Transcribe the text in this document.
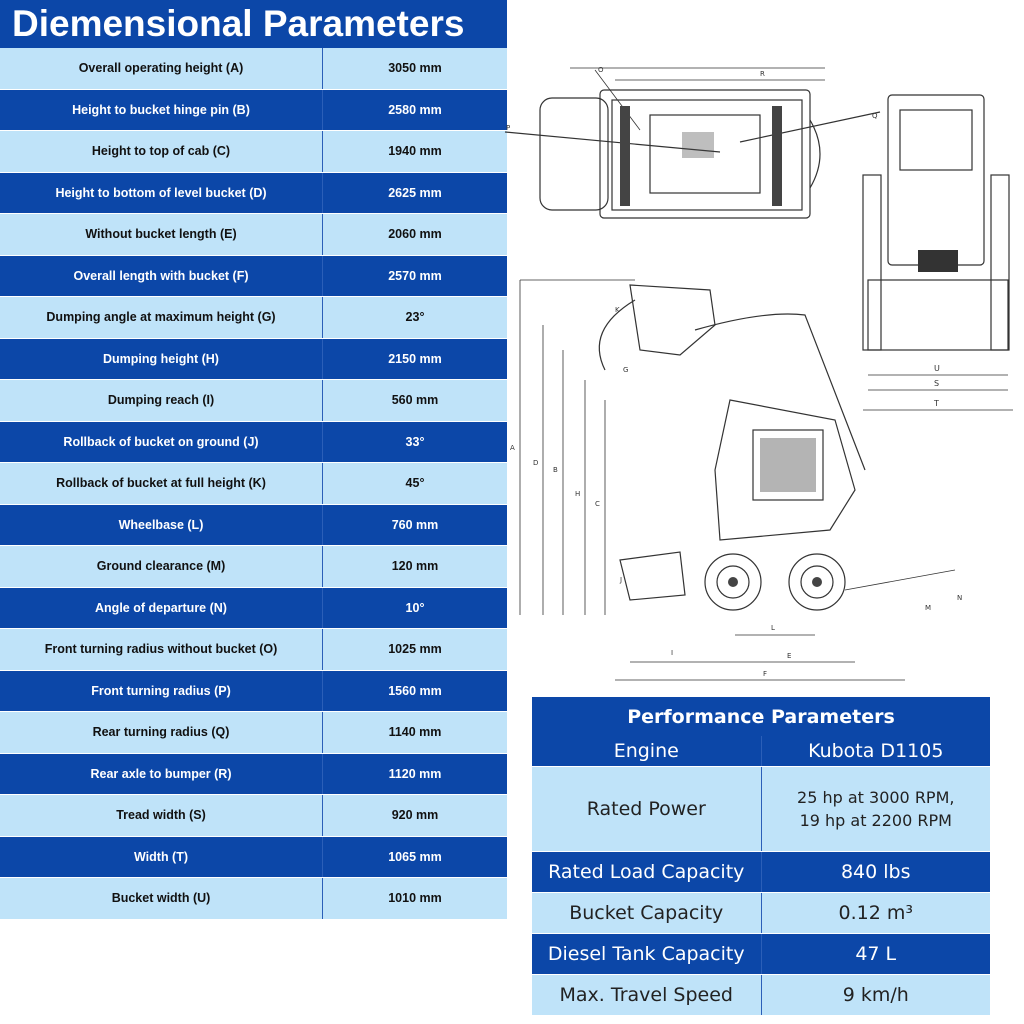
Diemensional Parameters
Overall operating height (A)	3050 mm
Height to bucket hinge pin (B)	2580 mm
Height to top of cab (C)	1940 mm
Height to bottom of level bucket (D)	2625 mm
Without bucket length (E)	2060 mm
Overall length with bucket (F)	2570 mm
Dumping angle at maximum height (G)	23°
Dumping height (H)	2150 mm
Dumping reach (I)	560 mm
Rollback of bucket on ground (J)	33°
Rollback of bucket at full height (K)	45°
Wheelbase (L)	760 mm
Ground clearance (M)	120 mm
Angle of departure (N)	10°
Front turning radius without bucket (O)	1025 mm
Front turning radius (P)	1560 mm
Rear turning radius (Q)	1140 mm
Rear axle to bumper (R)	1120 mm
Tread width (S)	920 mm
Width (T)	1065 mm
Bucket width (U)	1010 mm
O	R
P
Q
U
S
T
K
G
A
D
B
H
C
I
J
N
M
L
E
F
Performance Parameters	
Engine	Kubota D1105
Rated Power	25 hp at 3000 RPM,
19 hp at 2200 RPM

Rated Load Capacity	840 lbs
Bucket Capacity	0.12 m³
Diesel Tank Capacity	47 L
Max. Travel Speed	9 km/h
